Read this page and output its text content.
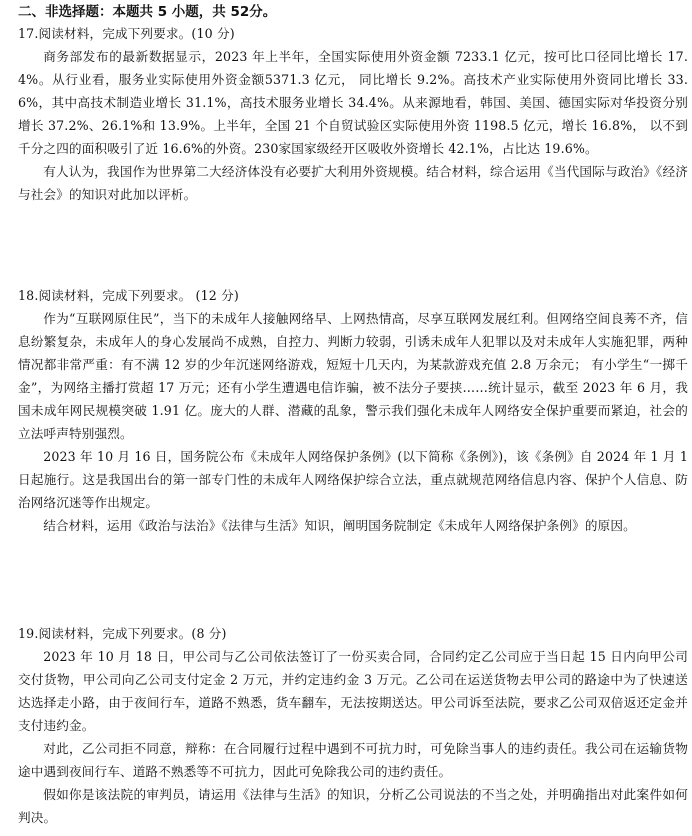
二、非选择题：本题共 5 小题，共 52分。
17.阅读材料，完成下列要求。(10 分)

商务部发布的最新数据显示，2023 年上半年，全国实际使用外资金额 7233.1 亿元，按可比口径同比增长 17.4%。从行业看，服务业实际使用外资金额5371.3 亿元， 同比增长 9.2%。高技术产业实际使用外资同比增长 33.6%，其中高技术制造业增长 31.1%，高技术服务业增长 34.4%。从来源地看，韩国、美国、德国实际对华投资分别增长 37.2%、26.1%和 13.9%。上半年，全国 21 个自贸试验区实际使用外资 1198.5 亿元，增长 16.8%， 以不到千分之四的面积吸引了近 16.6%的外资。230家国家级经开区吸收外资增长 42.1%，占比达 19.6%。

有人认为，我国作为世界第二大经济体没有必要扩大利用外资规模。结合材料，综合运用《当代国际与政治》《经济与社会》的知识对此加以评析。

18.阅读材料，完成下列要求。 (12 分)

作为“互联网原住民”，当下的未成年人接触网络早、上网热情高，尽享互联网发展红利。但网络空间良莠不齐，信息纷繁复杂，未成年人的身心发展尚不成熟，自控力、判断力较弱，引诱未成年人犯罪以及对未成年人实施犯罪，两种情况都非常严重：有不满 12 岁的少年沉迷网络游戏，短短十几天内，为某款游戏充值 2.8 万余元； 有小学生“一掷千金”，为网络主播打赏超 17 万元；还有小学生遭遇电信诈骗，被不法分子要挟……统计显示，截至 2023 年 6 月，我国未成年网民规模突破 1.91 亿。庞大的人群、潜藏的乱象，警示我们强化未成年人网络安全保护重要而紧迫，社会的立法呼声特别强烈。

2023 年 10 月 16 日，国务院公布《未成年人网络保护条例》(以下简称《条例》)，该《条例》自 2024 年 1 月 1 日起施行。这是我国出台的第一部专门性的未成年人网络保护综合立法，重点就规范网络信息内容、保护个人信息、防治网络沉迷等作出规定。

结合材料，运用《政治与法治》《法律与生活》知识，阐明国务院制定《未成年人网络保护条例》的原因。

19.阅读材料，完成下列要求。(8 分)

2023 年 10 月 18 日，甲公司与乙公司依法签订了一份买卖合同，合同约定乙公司应于当日起 15 日内向甲公司交付货物，甲公司向乙公司支付定金 2 万元，并约定违约金 3 万元。乙公司在运送货物去甲公司的路途中为了快速送达选择走小路，由于夜间行车，道路不熟悉，货车翻车，无法按期送达。甲公司诉至法院，要求乙公司双倍返还定金并支付违约金。

对此，乙公司拒不同意，辩称：在合同履行过程中遇到不可抗力时，可免除当事人的违约责任。我公司在运输货物途中遇到夜间行车、道路不熟悉等不可抗力，因此可免除我公司的违约责任。

假如你是该法院的审判员，请运用《法律与生活》的知识，分析乙公司说法的不当之处，并明确指出对此案件如何判决。
